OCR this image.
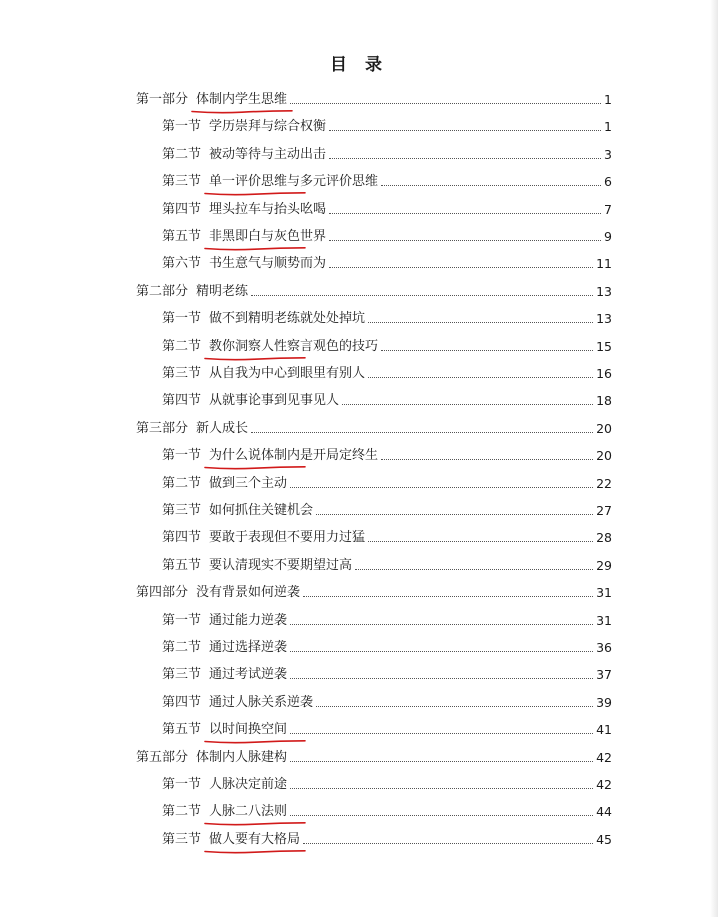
目 录
第一部分 体制内学生思维	1
第一节 学历崇拜与综合权衡	1
第二节 被动等待与主动出击	3
第三节 单一评价思维与多元评价思维	6
第四节 埋头拉车与抬头吆喝	7
第五节 非黑即白与灰色世界	9
第六节 书生意气与顺势而为	11
第二部分 精明老练	13
第一节 做不到精明老练就处处掉坑	13
第二节 教你洞察人性察言观色的技巧	15
第三节 从自我为中心到眼里有别人	16
第四节 从就事论事到见事见人	18
第三部分 新人成长	20
第一节 为什么说体制内是开局定终生	20
第二节 做到三个主动	22
第三节 如何抓住关键机会	27
第四节 要敢于表现但不要用力过猛	28
第五节 要认清现实不要期望过高	29
第四部分 没有背景如何逆袭	31
第一节 通过能力逆袭	31
第二节 通过选择逆袭	36
第三节 通过考试逆袭	37
第四节 通过人脉关系逆袭	39
第五节 以时间换空间	41
第五部分 体制内人脉建构	42
第一节 人脉决定前途	42
第二节 人脉二八法则	44
第三节 做人要有大格局	45
